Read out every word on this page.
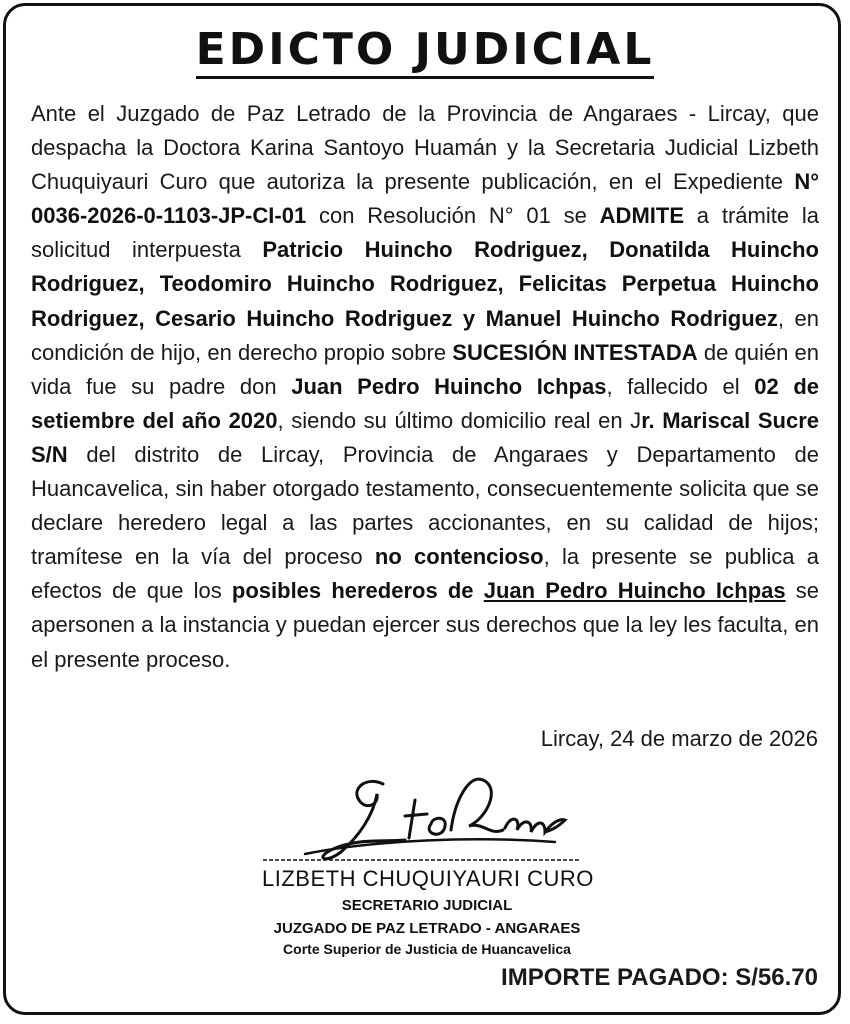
EDICTO JUDICIAL

Ante el Juzgado de Paz Letrado de la Provincia de Angaraes - Lircay, que despacha la Doctora Karina Santoyo Huamán y la Secretaria Judicial Lizbeth Chuquiyauri Curo que autoriza la presente publicación, en el Expediente N° 0036-2026-0-1103-JP-CI-01 con Resolución N° 01 se ADMITE a trámite la solicitud interpuesta Patricio Huincho Rodriguez, Donatilda Huincho Rodriguez, Teodomiro Huincho Rodriguez, Felicitas Perpetua Huincho Rodriguez, Cesario Huincho Rodriguez y Manuel Huincho Rodriguez, en condición de hijo, en derecho propio sobre SUCESIÓN INTESTADA de quién en vida fue su padre don Juan Pedro Huincho Ichpas, fallecido el 02 de setiembre del año 2020, siendo su último domicilio real en Jr. Mariscal Sucre S/N del distrito de Lircay, Provincia de Angaraes y Departamento de Huancavelica, sin haber otorgado testamento, consecuentemente solicita que se declare heredero legal a las partes accionantes, en su calidad de hijos; tramítese en la vía del proceso no contencioso, la presente se publica a efectos de que los posibles herederos de Juan Pedro Huincho Ichpas se apersonen a la instancia y puedan ejercer sus derechos que la ley les faculta, en el presente proceso.

Lircay, 24 de marzo de 2026
LIZBETH CHUQUIYAURI CURO
SECRETARIO JUDICIAL
JUZGADO DE PAZ LETRADO - ANGARAES
Corte Superior de Justicia de Huancavelica
IMPORTE PAGADO: S/56.70
